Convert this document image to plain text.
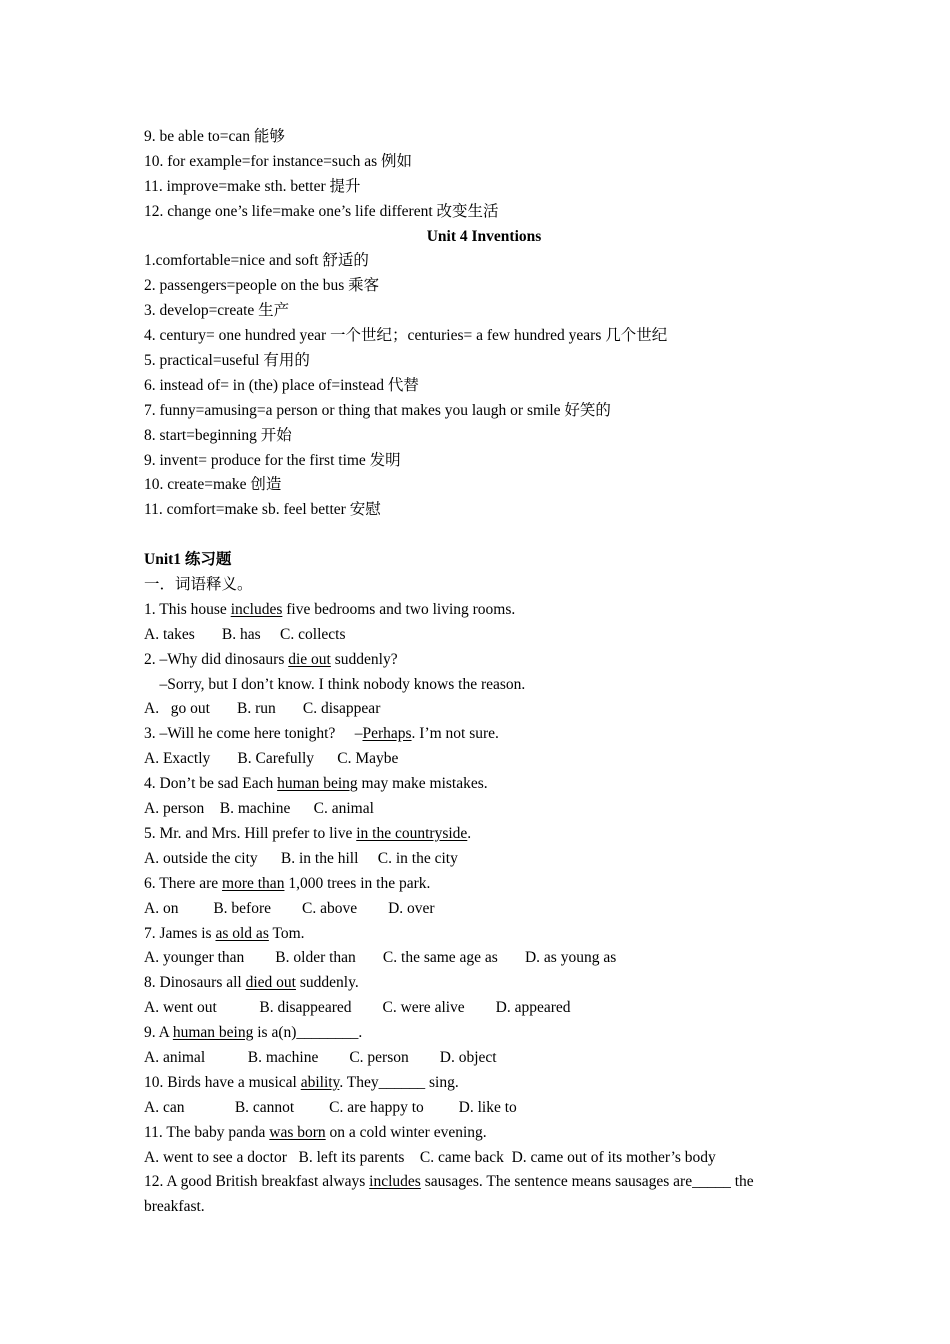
9. be able to=can 能够
10. for example=for instance=such as 例如
11. improve=make sth. better 提升
12. change one’s life=make one’s life different 改变生活
Unit 4 Inventions
1.comfortable=nice and soft 舒适的
2. passengers=people on the bus 乘客
3. develop=create 生产
4. century= one hundred year 一个世纪；centuries= a few hundred years 几个世纪
5. practical=useful 有用的
6. instead of= in (the) place of=instead 代替
7. funny=amusing=a person or thing that makes you laugh or smile 好笑的
8. start=beginning 开始
9. invent= produce for the first time 发明
10. create=make 创造
11. comfort=make sb. feel better 安慰
Unit1 练习题
一．词语释义。
1. This house includes five bedrooms and two living rooms.
A. takes       B. has     C. collects
2. –Why did dinosaurs die out suddenly?
–Sorry, but I don’t know. I think nobody knows the reason.
A.   go out       B. run       C. disappear
3. –Will he come here tonight?     –Perhaps. I’m not sure.
A. Exactly       B. Carefully      C. Maybe
4. Don’t be sad Each human being may make mistakes.
A. person    B. machine      C. animal
5. Mr. and Mrs. Hill prefer to live in the countryside.
A. outside the city      B. in the hill     C. in the city
6. There are more than 1,000 trees in the park.
A. on         B. before        C. above        D. over
7. James is as old as Tom.
A. younger than        B. older than       C. the same age as       D. as young as
8. Dinosaurs all died out suddenly.
A. went out           B. disappeared        C. were alive        D. appeared
9. A human being is a(n)________.
A. animal           B. machine        C. person        D. object
10. Birds have a musical ability. They______ sing.
A. can             B. cannot         C. are happy to         D. like to
11. The baby panda was born on a cold winter evening.
A. went to see a doctor   B. left its parents    C. came back  D. came out of its mother’s body
12. A good British breakfast always includes sausages. The sentence means sausages are_____ the
breakfast.
